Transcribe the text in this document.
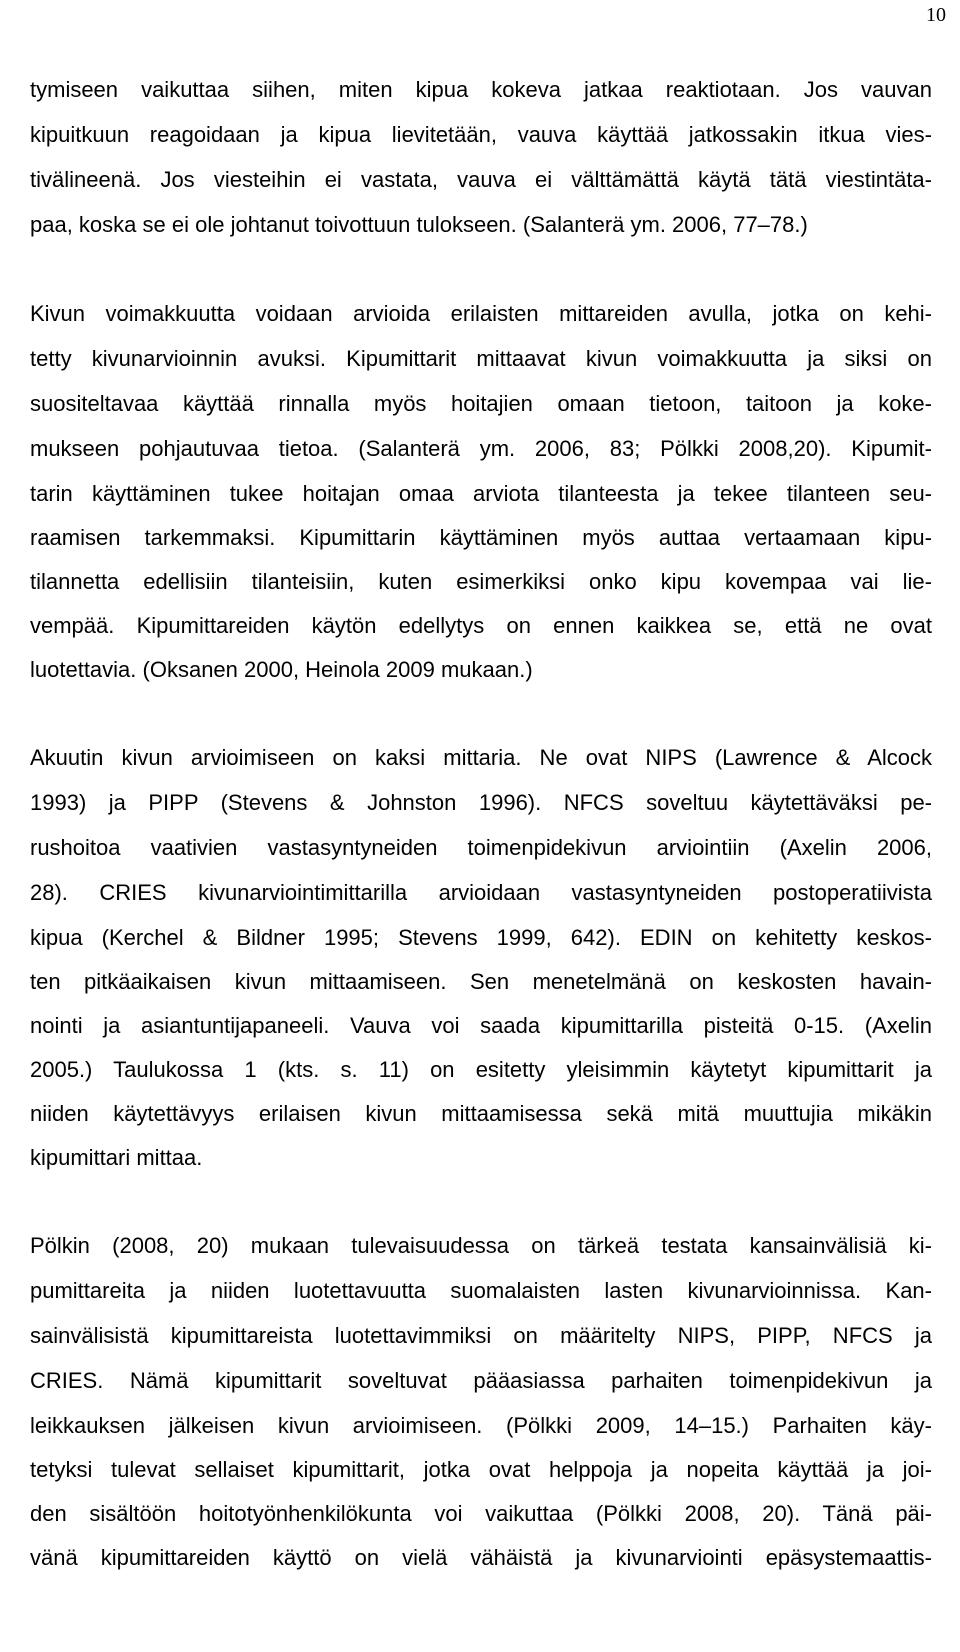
10

tymiseen vaikuttaa siihen, miten kipua kokeva jatkaa reaktiotaan. Jos vauvan

kipuitkuun reagoidaan ja kipua lievitetään, vauva käyttää jatkossakin itkua vies-

tivälineenä. Jos viesteihin ei vastata, vauva ei välttämättä käytä tätä viestintäta-

paa, koska se ei ole johtanut toivottuun tulokseen. (Salanterä ym. 2006, 77–78.)

Kivun voimakkuutta voidaan arvioida erilaisten mittareiden avulla, jotka on kehi-

tetty kivunarvioinnin avuksi. Kipumittarit mittaavat kivun voimakkuutta ja siksi on

suositeltavaa käyttää rinnalla myös hoitajien omaan tietoon, taitoon ja koke-

mukseen pohjautuvaa tietoa. (Salanterä ym. 2006, 83; Pölkki 2008,20). Kipumit-

tarin käyttäminen tukee hoitajan omaa arviota tilanteesta ja tekee tilanteen seu-

raamisen tarkemmaksi. Kipumittarin käyttäminen myös auttaa vertaamaan kipu-

tilannetta edellisiin tilanteisiin, kuten esimerkiksi onko kipu kovempaa vai lie-

vempää. Kipumittareiden käytön edellytys on ennen kaikkea se, että ne ovat

luotettavia. (Oksanen 2000, Heinola 2009 mukaan.)

Akuutin kivun arvioimiseen on kaksi mittaria. Ne ovat NIPS (Lawrence & Alcock

1993) ja PIPP (Stevens & Johnston 1996). NFCS soveltuu käytettäväksi pe-

rushoitoa vaativien vastasyntyneiden toimenpidekivun arviointiin (Axelin 2006,

28). CRIES kivunarviointimittarilla arvioidaan vastasyntyneiden postoperatiivista

kipua (Kerchel & Bildner 1995; Stevens 1999, 642). EDIN on kehitetty keskos-

ten pitkäaikaisen kivun mittaamiseen. Sen menetelmänä on keskosten havain-

nointi ja asiantuntijapaneeli. Vauva voi saada kipumittarilla pisteitä 0-15. (Axelin

2005.) Taulukossa 1 (kts. s. 11) on esitetty yleisimmin käytetyt kipumittarit ja

niiden käytettävyys erilaisen kivun mittaamisessa sekä mitä muuttujia mikäkin

kipumittari mittaa.

Pölkin (2008, 20) mukaan tulevaisuudessa on tärkeä testata kansainvälisiä ki-

pumittareita ja niiden luotettavuutta suomalaisten lasten kivunarvioinnissa. Kan-

sainvälisistä kipumittareista luotettavimmiksi on määritelty NIPS, PIPP, NFCS ja

CRIES. Nämä kipumittarit soveltuvat pääasiassa parhaiten toimenpidekivun ja

leikkauksen jälkeisen kivun arvioimiseen. (Pölkki 2009, 14–15.) Parhaiten käy-

tetyksi tulevat sellaiset kipumittarit, jotka ovat helppoja ja nopeita käyttää ja joi-

den sisältöön hoitotyönhenkilökunta voi vaikuttaa (Pölkki 2008, 20). Tänä päi-

vänä kipumittareiden käyttö on vielä vähäistä ja kivunarviointi epäsystemaattis-
